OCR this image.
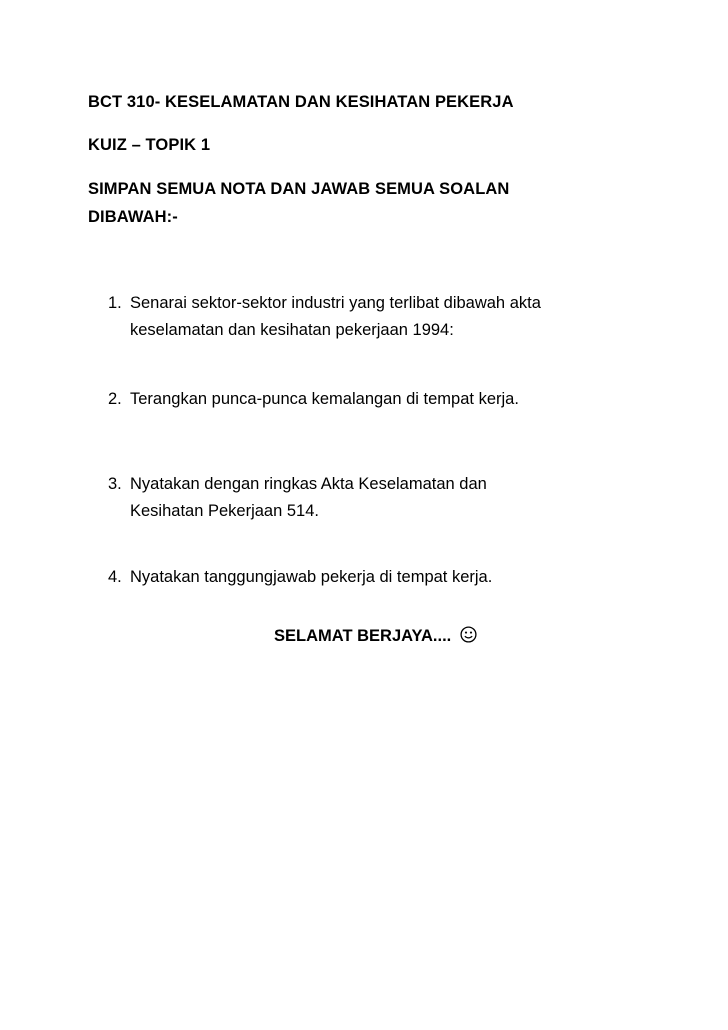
BCT 310- KESELAMATAN DAN KESIHATAN PEKERJA
KUIZ – TOPIK 1
SIMPAN SEMUA NOTA DAN JAWAB SEMUA SOALAN
DIBAWAH:-
1. Senarai sektor-sektor industri yang terlibat dibawah akta
keselamatan dan kesihatan pekerjaan 1994:
2. Terangkan punca-punca kemalangan di tempat kerja.
3. Nyatakan dengan ringkas Akta Keselamatan dan
Kesihatan Pekerjaan 514.
4. Nyatakan tanggungjawab pekerja di tempat kerja.
SELAMAT BERJAYA....
